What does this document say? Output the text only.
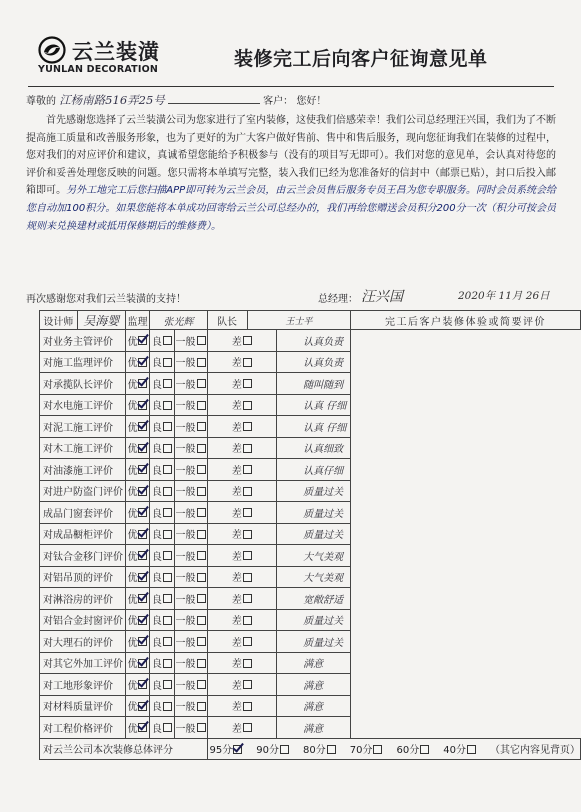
云兰装潢
YUNLAN DECORATION	装修完工后向客户征询意见单
尊敬的 江杨南路516弄25号	客户： 您好！
首先感谢您选择了云兰装潢公司为您家进行了室内装修，这使我们倍感荣幸！我们公司总经理汪兴国，我们为了不断提高施工质量和改善服务形象，也为了更好的为广大客户做好售前、售中和售后服务，现向您征询我们在装修的过程中，您对我们的对应评价和建议，真诚希望您能给予积极参与（没有的项目写无即可）。我们对您的意见单，会认真对待您的评价和妥善处理您反映的问题。您只需将本单填写完整，装入我们已经为您准备好的信封中（邮票已贴），封口后投入邮箱即可。另外工地完工后您扫描APP即可转为云兰会员，由云兰会员售后服务专员王昌为您专职服务。同时会员系统会给您自动加100积分。如果您能将本单成功回寄给云兰公司总经办的，我们再给您赠送会员积分200分一次（积分可按会员规则来兑换建材或抵用保修期后的维修费）。
再次感谢您对我们云兰装潢的支持！	总经理： 汪兴国	2020年 11月 26日
设计师	吴海婴	监理	张光辉		队长	王士平		完工后客户装修体验或简要评价
对业务主管评价		优	良	一般	差		认真负责	
对施工监理评价		优	良	一般	差		认真负责	
对承揽队长评价		优	良	一般	差		随叫随到	
对水电施工评价		优	良	一般	差		认真 仔细	
对泥工施工评价		优	良	一般	差		认真 仔细	
对木工施工评价		优	良	一般	差		认真细致	
对油漆施工评价		优	良	一般	差		认真仔细	
对进户防盗门评价		优	良	一般	差		质量过关	
成品门窗套评价		优	良	一般	差		质量过关	
对成品橱柜评价		优	良	一般	差		质量过关	
对钛合金移门评价		优	良	一般	差		大气美观	
对铝吊顶的评价		优	良	一般	差		大气美观	
对淋浴房的评价		优	良	一般	差		宽敞舒适	
对铝合金封窗评价		优	良	一般	差		质量过关	
对大理石的评价		优	良	一般	差		质量过关	
对其它外加工评价		优	良	一般	差		满意	
对工地形象评价		优	良	一般	差		满意	
对材料质量评价		优	良	一般	差		满意	
对工程价格评价		优	良	一般	差		满意	
对云兰公司本次装修总体评分					95分 90分 80分 70分 60分 40分 （其它内容见背页）			
